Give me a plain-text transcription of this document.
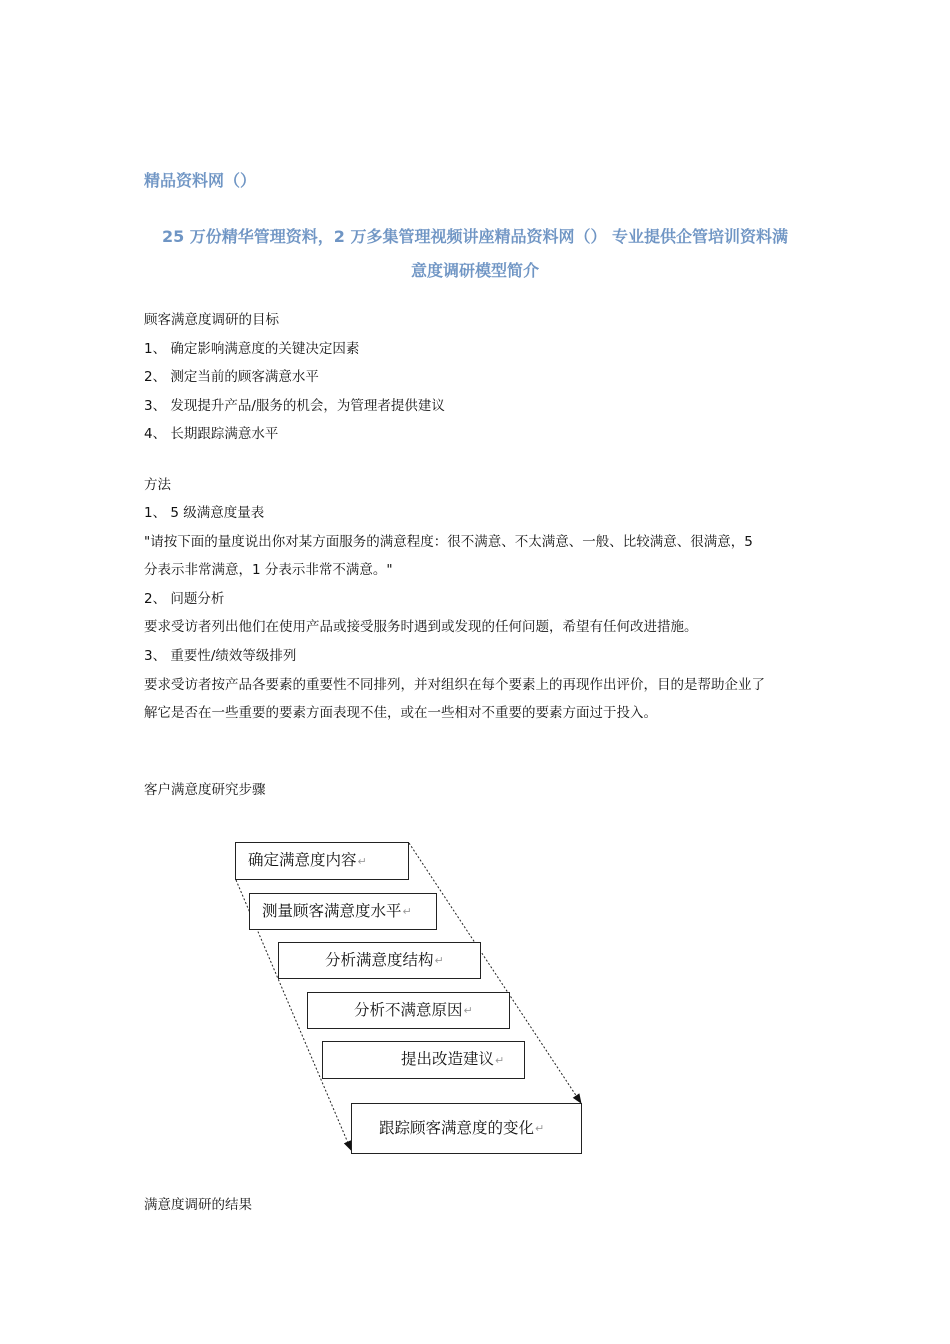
精品资料网（）

25 万份精华管理资料，2 万多集管理视频讲座精品资料网（） 专业提供企管培训资料满

意度调研模型简介

顾客满意度调研的目标

1、 确定影响满意度的关键决定因素

2、 测定当前的顾客满意水平

3、 发现提升产品/服务的机会，为管理者提供建议

4、 长期跟踪满意水平

方法

1、 5 级满意度量表

"请按下面的量度说出你对某方面服务的满意程度：很不满意、不太满意、一般、比较满意、很满意，5

分表示非常满意，1 分表示非常不满意。"

2、 问题分析

要求受访者列出他们在使用产品或接受服务时遇到或发现的任何问题，希望有任何改进措施。

3、 重要性/绩效等级排列

要求受访者按产品各要素的重要性不同排列，并对组织在每个要素上的再现作出评价，目的是帮助企业了

解它是否在一些重要的要素方面表现不佳，或在一些相对不重要的要素方面过于投入。

客户满意度研究步骤

确定满意度内容 ↵
测量顾客满意度水平 ↵
分析满意度结构 ↵
分析不满意原因 ↵
提出改造建议 ↵
跟踪顾客满意度的变化 ↵

满意度调研的结果
